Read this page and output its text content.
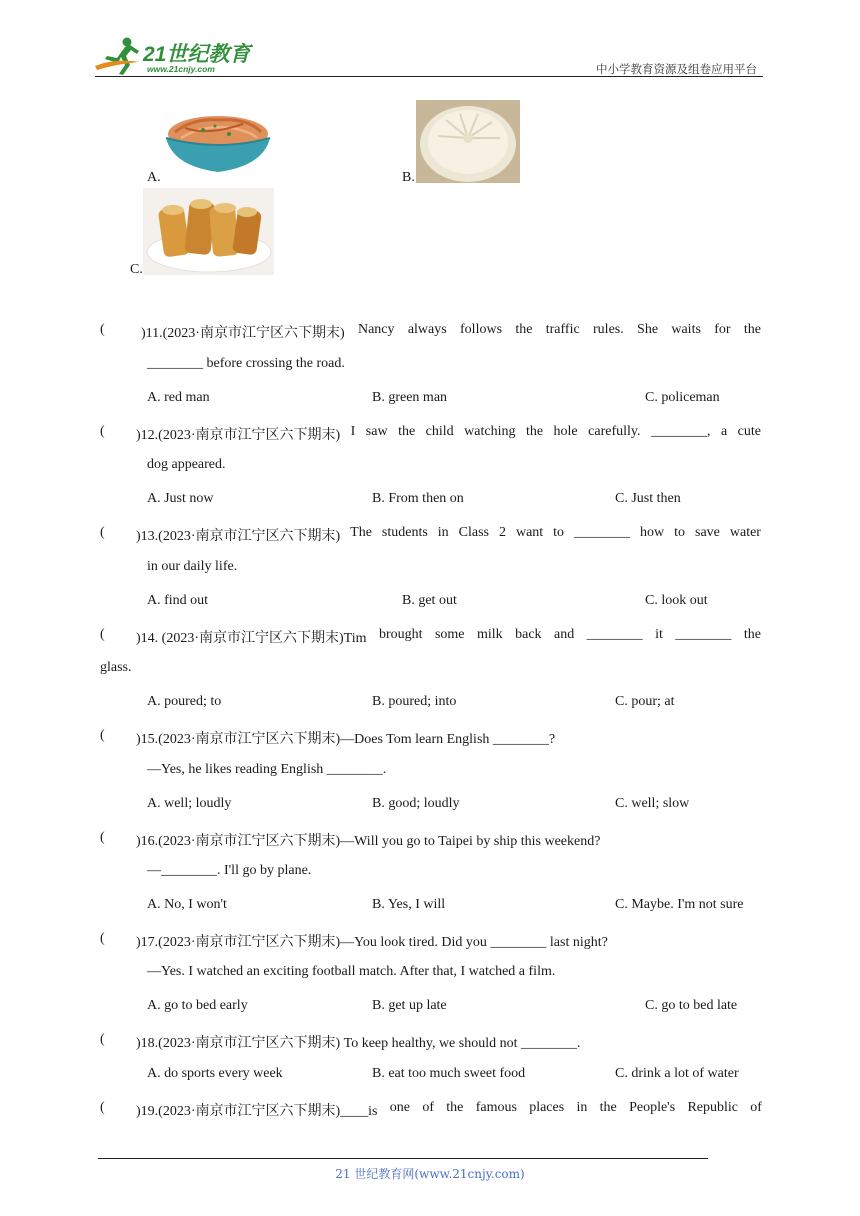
21世纪教育
www.21cnjy.com	中小学教育资源及组卷应用平台
A.	B.
C.
(	)11.(2023·南京市江宁区六下期末) Nancy always follows the traffic rules. She waits for the
________ before crossing the road.
A. red man	B. green man	C. policeman
( )12.(2023·南京市江宁区六下期末) I saw the child watching the hole carefully. ________, a cute
dog appeared.
A. Just now	B. From then on	C. Just then
( )13.(2023·南京市江宁区六下期末) The students in Class 2 want to ________ how to save water
in our daily life.
A. find out	B. get out	C. look out
( )14. (2023·南京市江宁区六下期末)Tim brought some milk back and ________ it ________ the
glass.
A. poured; to	B. poured; into	C. pour; at
( )15.(2023·南京市江宁区六下期末)—Does Tom learn English ________?
—Yes, he likes reading English ________.
A. well; loudly	B. good; loudly	C. well; slow
( )16.(2023·南京市江宁区六下期末)—Will you go to Taipei by ship this weekend?
—________. I'll go by plane.
A. No, I won't	B. Yes, I will	C. Maybe. I'm not sure
( )17.(2023·南京市江宁区六下期末)—You look tired. Did you ________ last night?
—Yes. I watched an exciting football match. After that, I watched a film.
A. go to bed early	B. get up late	C. go to bed late
( )18.(2023·南京市江宁区六下期末) To keep healthy, we should not ________.
A. do sports every week	B. eat too much sweet food	C. drink a lot of water
( )19.(2023·南京市江宁区六下期末)____is one of the famous places in the People's Republic of
21 世纪教育网(www.21cnjy.com)
